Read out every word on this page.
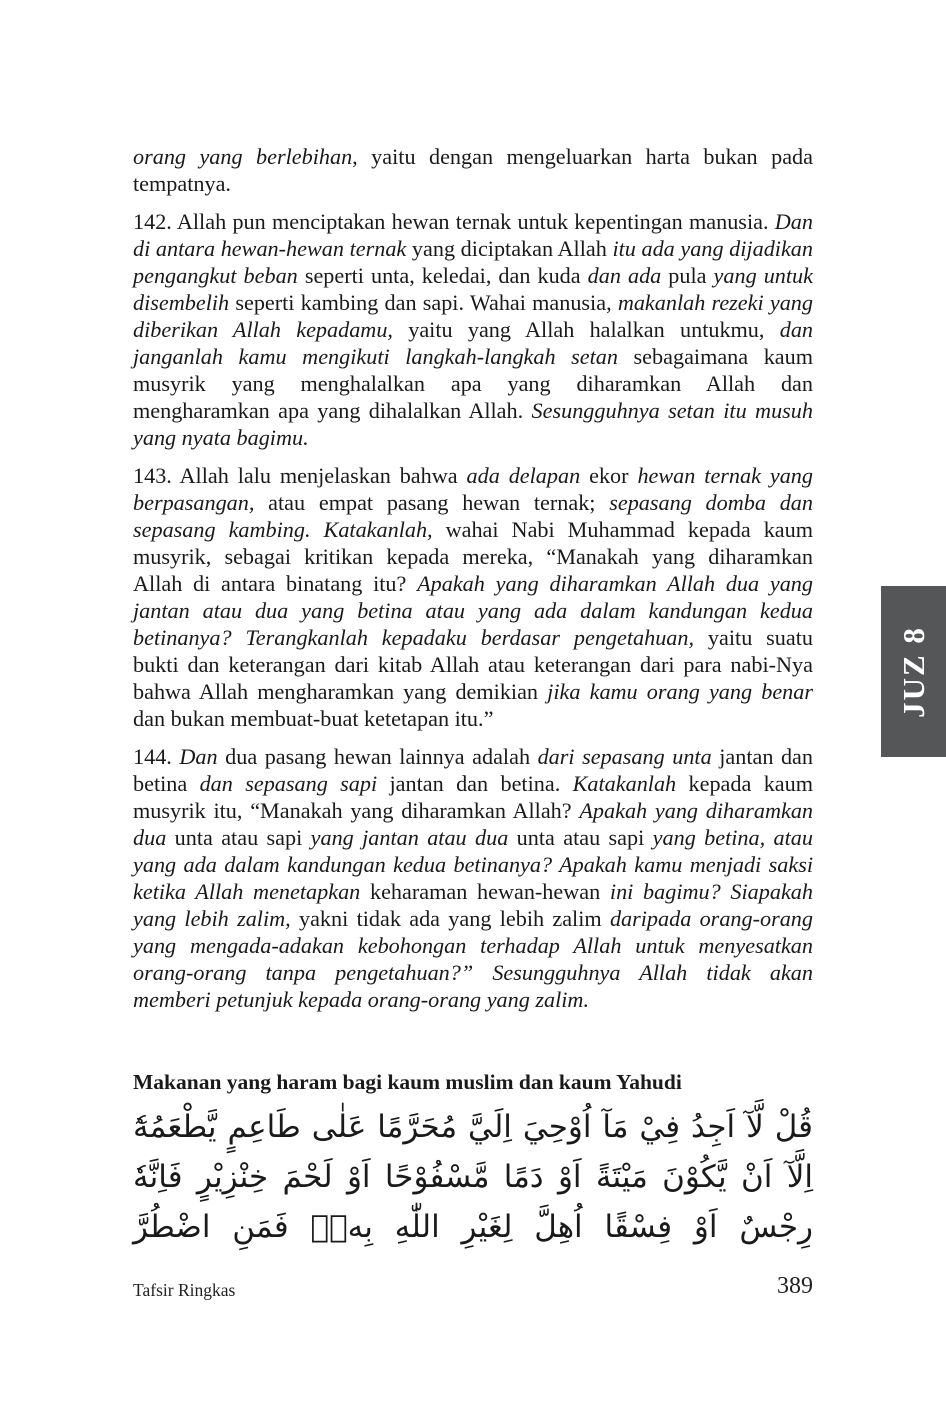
orang yang berlebihan, yaitu dengan mengeluarkan harta bukan pada tempatnya.

142. Allah pun menciptakan hewan ternak untuk kepentingan manusia. Dan di antara hewan-hewan ternak yang diciptakan Allah itu ada yang dijadikan pengangkut beban seperti unta, keledai, dan kuda dan ada pula yang untuk disembelih seperti kambing dan sapi. Wahai manusia, makanlah rezeki yang diberikan Allah kepadamu, yaitu yang Allah halalkan untukmu, dan janganlah kamu mengikuti langkah-langkah setan sebagaimana kaum musyrik yang menghalalkan apa yang diharamkan Allah dan mengharamkan apa yang dihalalkan Allah. Sesungguhnya setan itu musuh yang nyata bagimu.

143. Allah lalu menjelaskan bahwa ada delapan ekor hewan ternak yang berpasangan, atau empat pasang hewan ternak; sepasang domba dan sepasang kambing. Katakanlah, wahai Nabi Muhammad kepada kaum musyrik, sebagai kritikan kepada mereka, “Manakah yang diharamkan Allah di antara binatang itu? Apakah yang diharamkan Allah dua yang jantan atau dua yang betina atau yang ada dalam kandungan kedua betinanya? Terangkanlah kepadaku berdasar pengetahuan, yaitu suatu bukti dan keterangan dari kitab Allah atau keterangan dari para nabi-Nya bahwa Allah mengharamkan yang demikian jika kamu orang yang benar dan bukan membuat-buat ketetapan itu.”

144. Dan dua pasang hewan lainnya adalah dari sepasang unta jantan dan betina dan sepasang sapi jantan dan betina. Katakanlah kepada kaum musyrik itu, “Manakah yang diharamkan Allah? Apakah yang diharamkan dua unta atau sapi yang jantan atau dua unta atau sapi yang betina, atau yang ada dalam kandungan kedua betinanya? Apakah kamu menjadi saksi ketika Allah menetapkan keharaman hewan-hewan ini bagimu? Siapakah yang lebih zalim, yakni tidak ada yang lebih zalim daripada orang-orang yang mengada-adakan kebohongan terhadap Allah untuk menyesatkan orang-orang tanpa pengetahuan?” Sesungguhnya Allah tidak akan memberi petunjuk kepada orang-orang yang zalim.

Makanan yang haram bagi kaum muslim dan kaum Yahudi

قُلْ لَّآ اَجِدُ فِيْ مَآ اُوْحِيَ اِلَيَّ مُحَرَّمًا عَلٰى طَاعِمٍ يَّطْعَمُهٗٓ اِلَّآ اَنْ يَّكُوْنَ مَيْتَةً اَوْ دَمًا مَّسْفُوْحًا اَوْ لَحْمَ خِنْزِيْرٍ فَاِنَّهٗ رِجْسٌ اَوْ فِسْقًا اُهِلَّ لِغَيْرِ اللّٰهِ بِهٖۚ فَمَنِ اضْطُرَّ

JUZ 8
Tafsir Ringkas	389
